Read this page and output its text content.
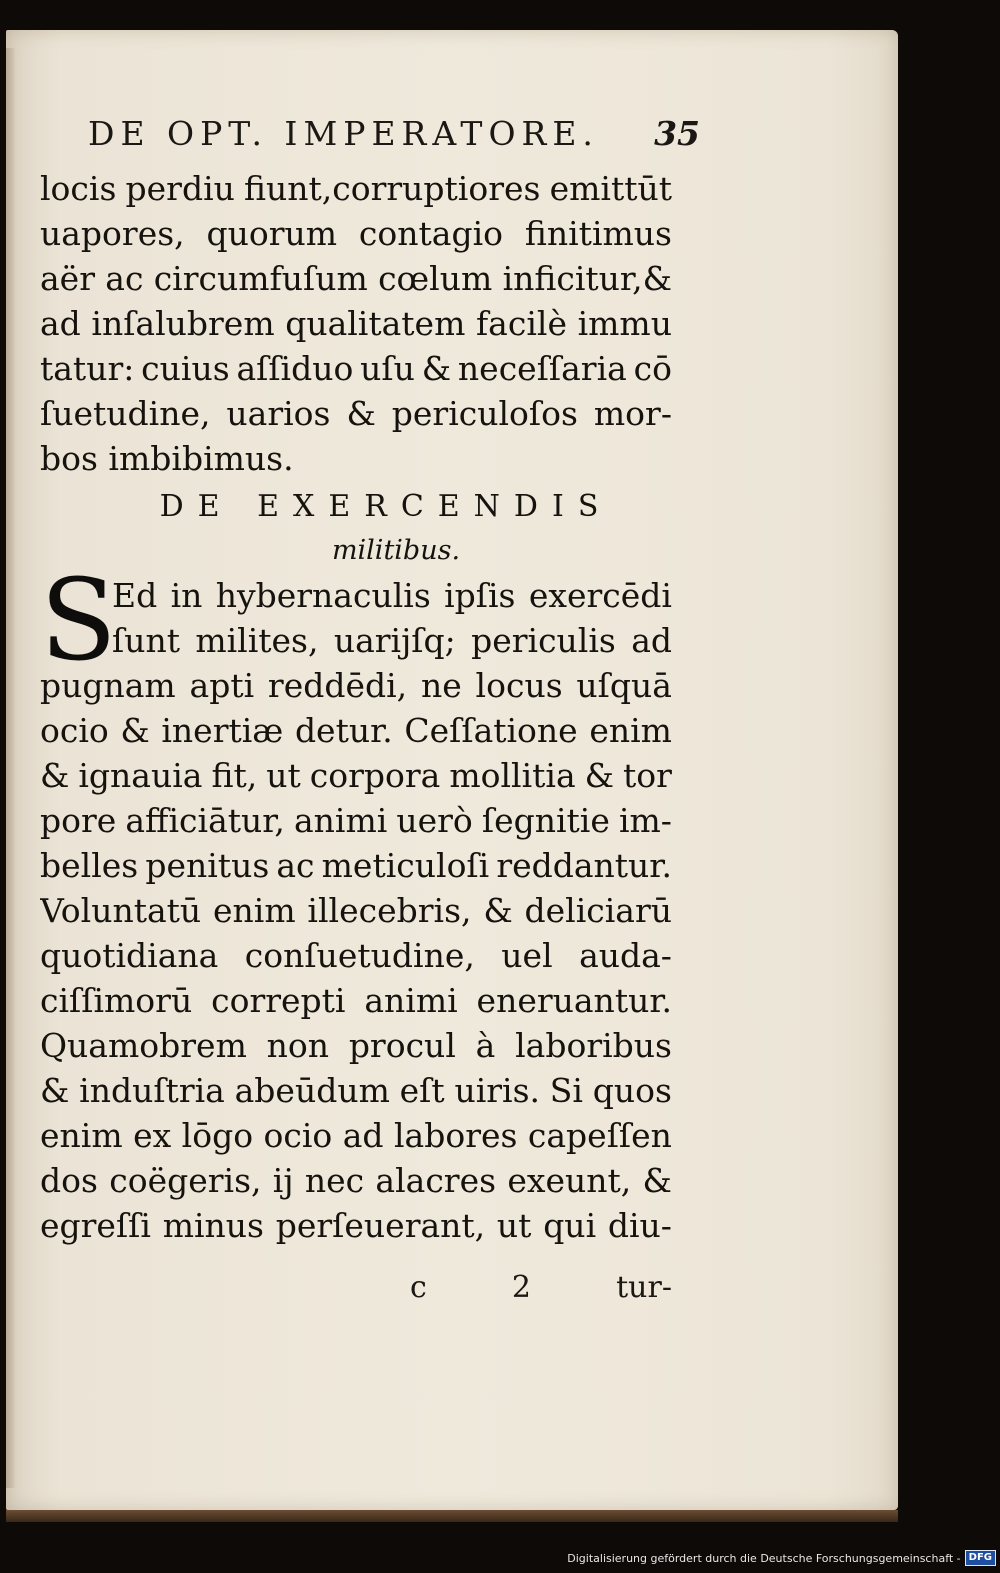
DE OPT. IMPERATORE. 35
locis perdiu fiunt,corruptiores emittūt
uapores, quorum contagio finitimus
aër ac circumfuſum cœlum inficitur,&
ad inſalubrem qualitatem facilè immu
tatur: cuius aſſiduo uſu & neceſſaria cō
ſuetudine, uarios & periculoſos mor-
bos imbibimus.
DE EXERCENDIS
militibus.
S
Ed in hybernaculis ipſis exercēdi
ſunt milites, uarijſq; periculis ad
pugnam apti reddēdi, ne locus uſquā
ocio & inertiæ detur. Ceſſatione enim
& ignauia fit, ut corpora mollitia & tor
pore afficiātur, animi uerò ſegnitie im-
belles penitus ac meticuloſi reddantur.
Voluntatū enim illecebris, & deliciarū
quotidiana conſuetudine, uel auda-
ciſſimorū correpti animi eneruantur.
Quamobrem non procul à laboribus
& induſtria abeūdum eſt uiris. Si quos
enim ex lōgo ocio ad labores capeſſen
dos coëgeris, ij nec alacres exeunt, &
egreſſi minus perſeuerant, ut qui diu-
c	2	tur-
Digitalisierung gefördert durch die Deutsche Forschungsgemeinschaft - DFG
